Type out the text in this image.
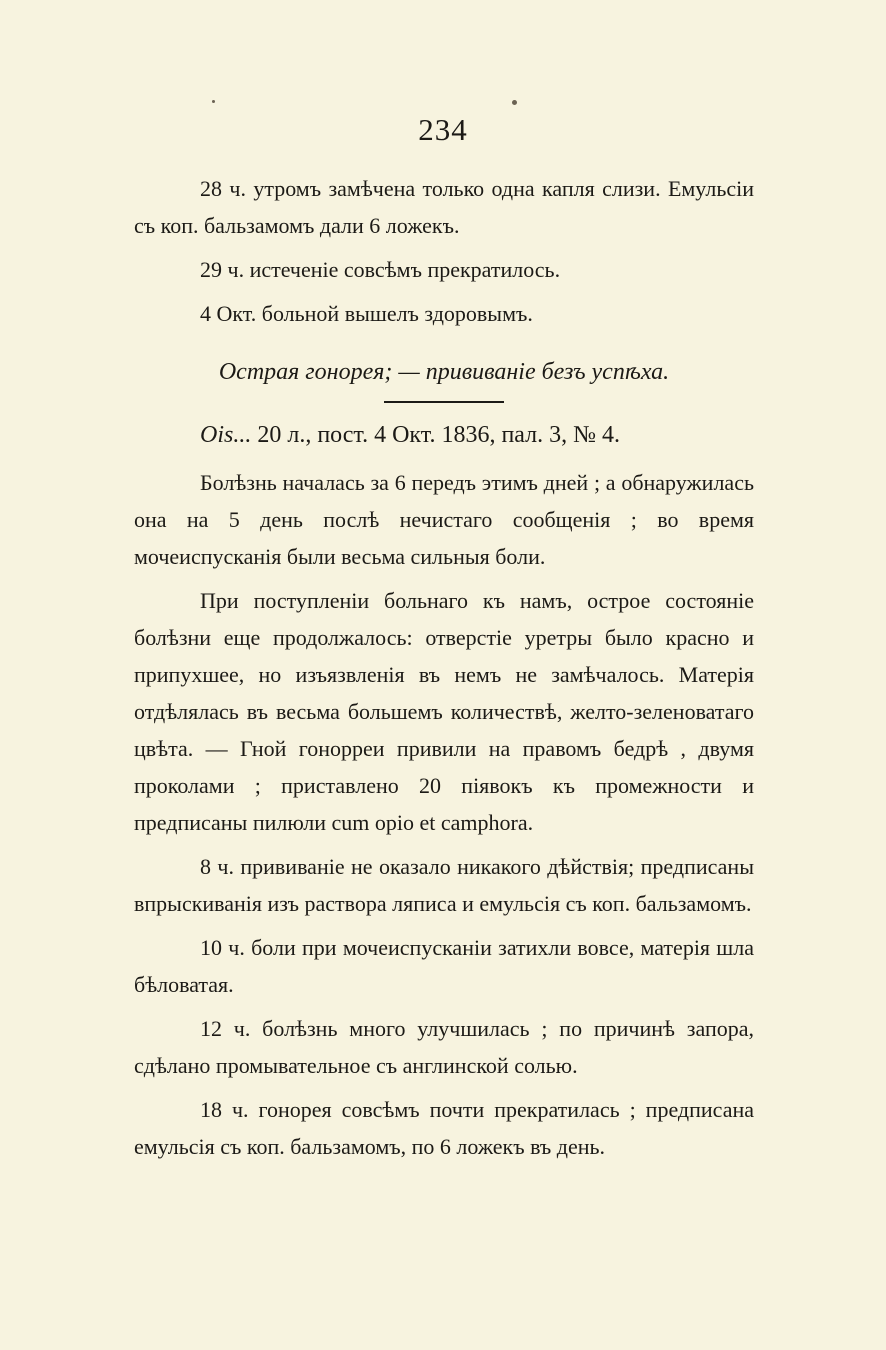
234

28 ч. утромъ замѣчена только одна капля слизи. Емульсіи съ коп. бальзамомъ дали 6 ложекъ.

29 ч. истеченіе совсѣмъ прекратилось.

4 Окт. больной вышелъ здоровымъ.

Острая гонорея; — прививаніе безъ успѣха.

Ois... 20 л., пост. 4 Окт. 1836, пал. 3, № 4.

Болѣзнь началась за 6 передъ этимъ дней ; а обнаружилась она на 5 день послѣ нечистаго сообщенія ; во время мочеиспусканія были весьма сильныя боли.

При поступленіи больнаго къ намъ, острое состояніе болѣзни еще продолжалось: отверстіе уретры было красно и припухшее, но изъязвленія въ немъ не замѣчалось. Матерія отдѣлялась въ весьма большемъ количествѣ, желто-зеленоватаго цвѣта. — Гной гонорреи привили на правомъ бедрѣ , двумя проколами ; приставлено 20 піявокъ къ промежности и предписаны пилюли cum opio et camphora.

8 ч. прививаніе не оказало никакого дѣйствія; предписаны впрыскиванія изъ раствора ляписа и емульсія съ коп. бальзамомъ.

10 ч. боли при мочеиспусканіи затихли вовсе, матерія шла бѣловатая.

12 ч. болѣзнь много улучшилась ; по причинѣ запора, сдѣлано промывательное съ англинской солью.

18 ч. гонорея совсѣмъ почти прекратилась ; предписана емульсія съ коп. бальзамомъ, по 6 ложекъ въ день.
